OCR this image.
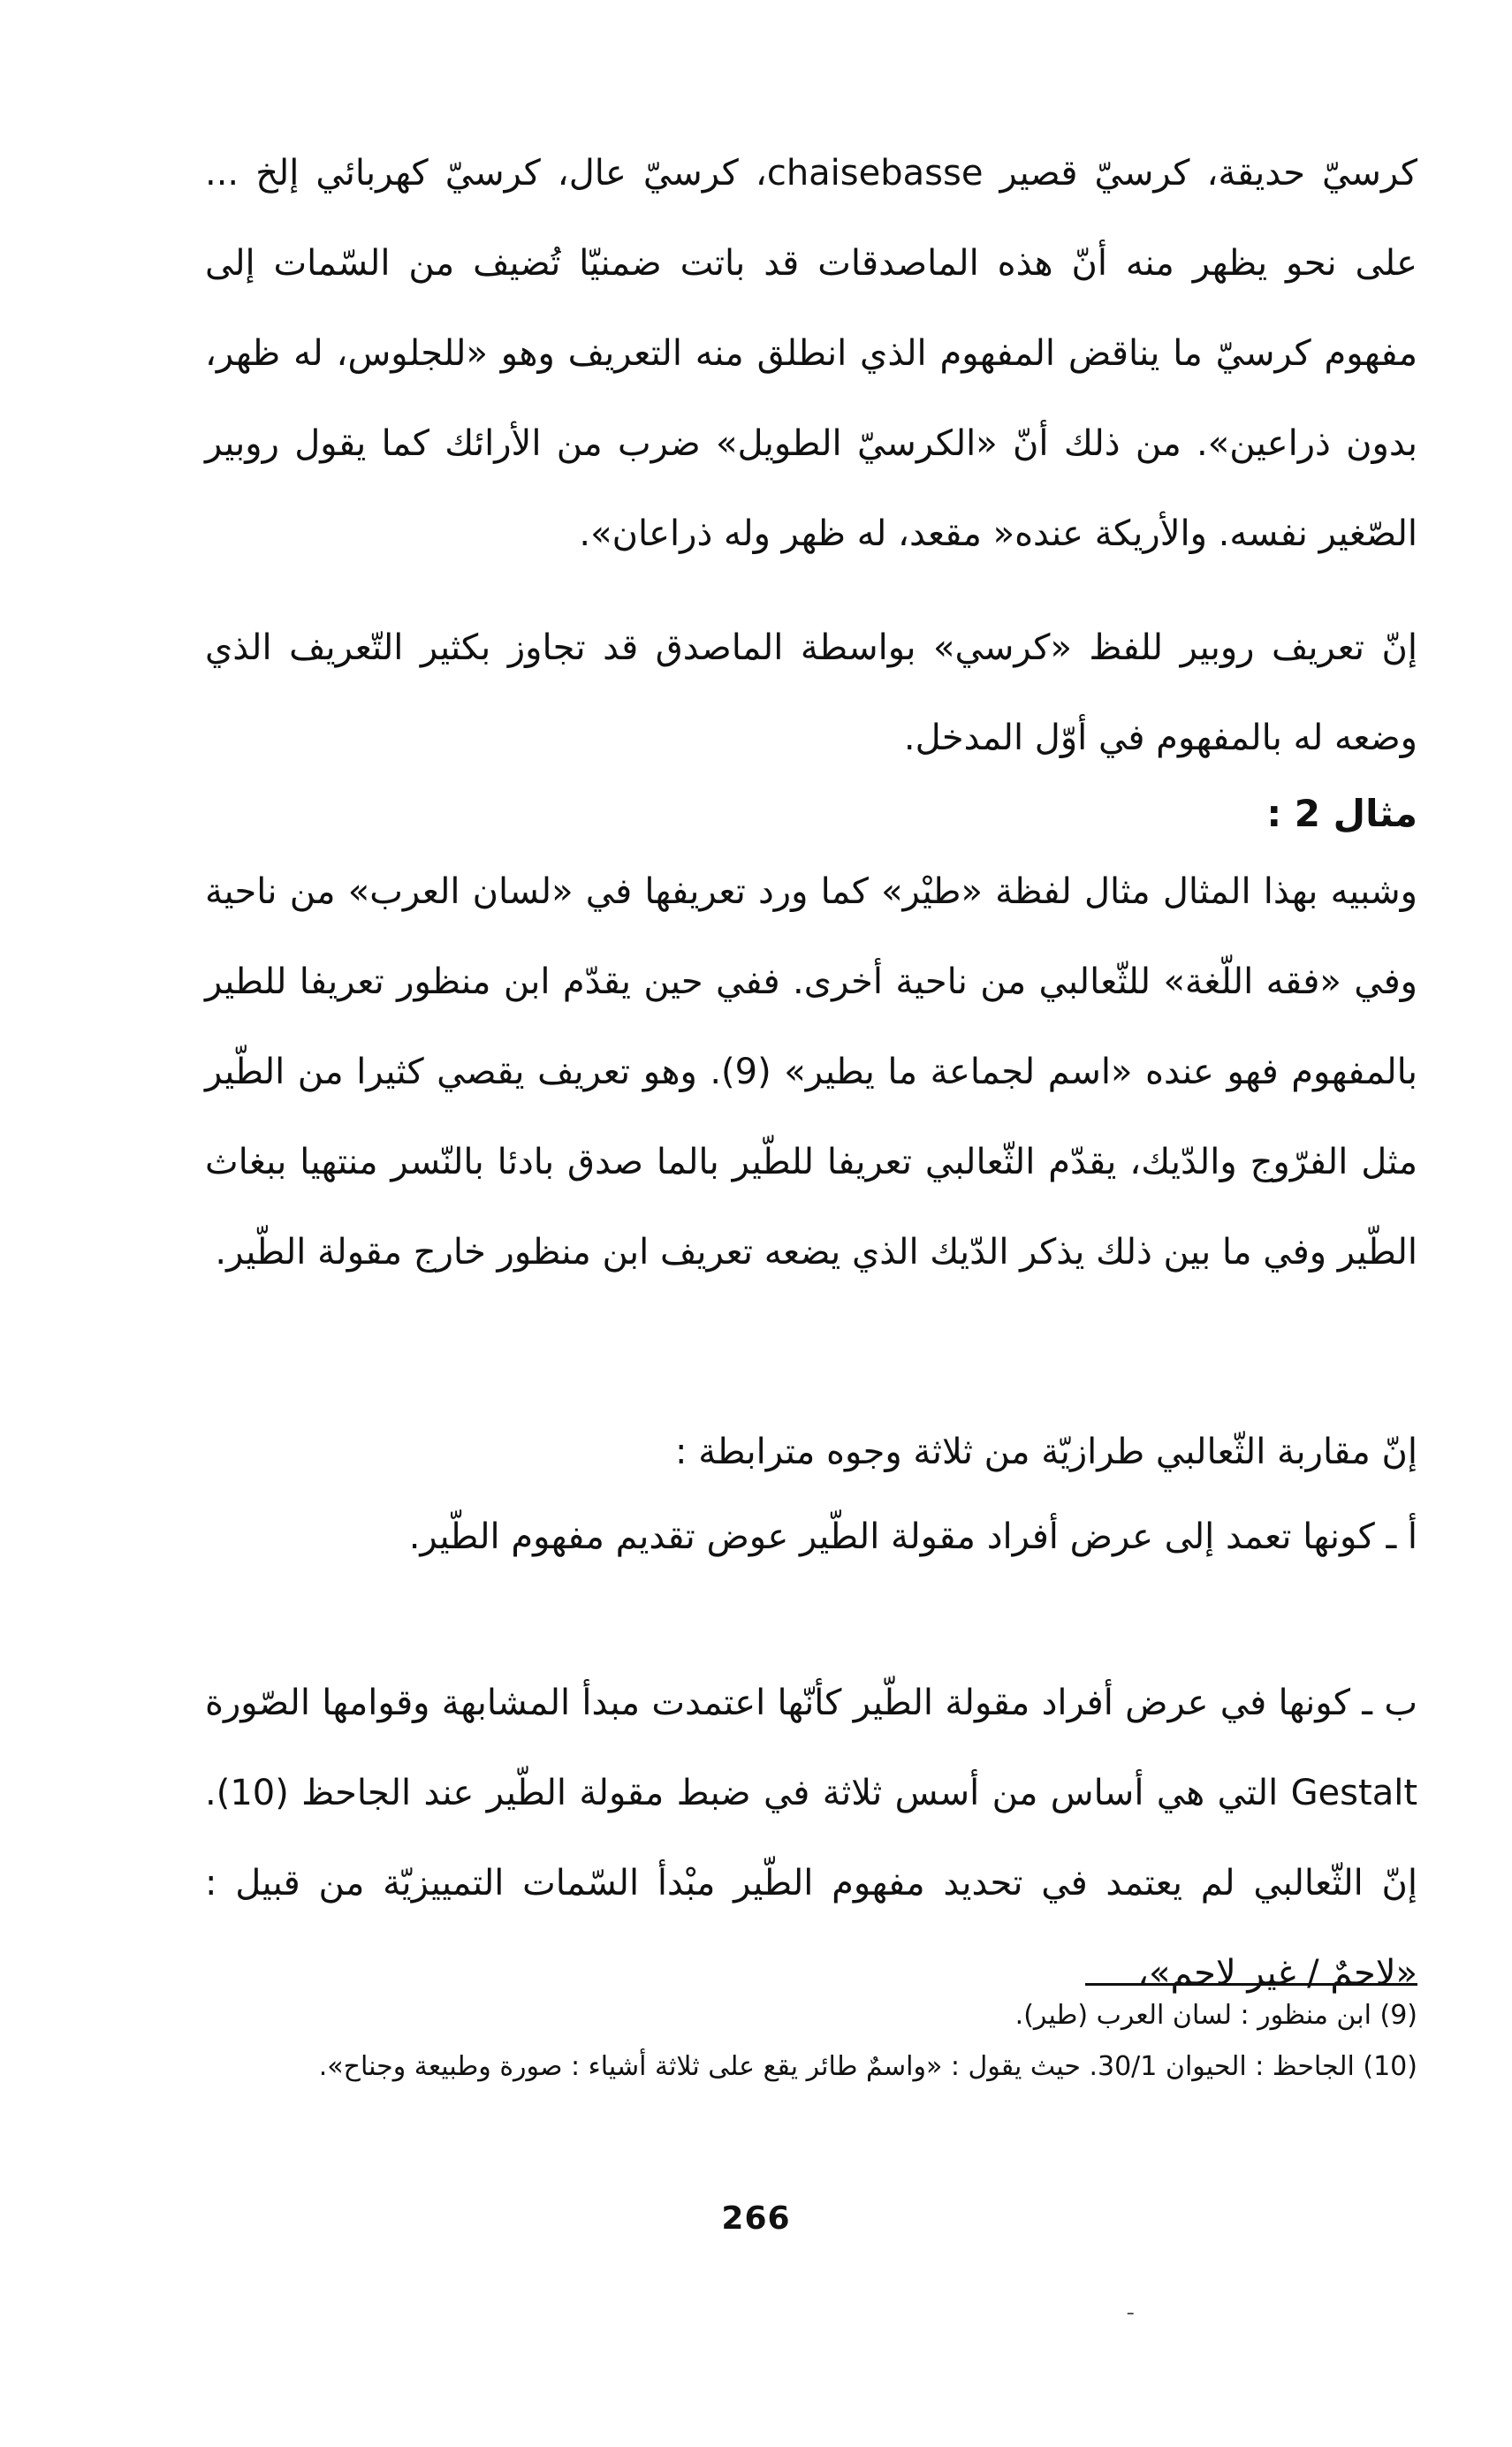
كرسيّ حديقة، كرسيّ قصير chaisebasse، كرسيّ عال، كرسيّ كهربائي إلخ ... على نحو يظهر منه أنّ هذه الماصدقات قد باتت ضمنيّا تُضيف من السّمات إلى مفهوم كرسيّ ما يناقض المفهوم الذي انطلق منه التعريف وهو «للجلوس، له ظهر، بدون ذراعين». من ذلك أنّ «الكرسيّ الطويل» ضرب من الأرائك كما يقول روبير الصّغير نفسه. والأريكة عنده« مقعد، له ظهر وله ذراعان».

إنّ تعريف روبير للفظ «كرسي» بواسطة الماصدق قد تجاوز بكثير التّعريف الذي وضعه له بالمفهوم في أوّل المدخل.

مثال 2 :

وشبيه بهذا المثال مثال لفظة «طيْر» كما ورد تعريفها في «لسان العرب» من ناحية وفي «فقه اللّغة» للثّعالبي من ناحية أخرى. ففي حين يقدّم ابن منظور تعريفا للطير بالمفهوم فهو عنده «اسم لجماعة ما يطير» (9). وهو تعريف يقصي كثيرا من الطّير مثل الفرّوج والدّيك، يقدّم الثّعالبي تعريفا للطّير بالما صدق بادئا بالنّسر منتهيا ببغاث الطّير وفي ما بين ذلك يذكر الدّيك الذي يضعه تعريف ابن منظور خارج مقولة الطّير.

إنّ مقاربة الثّعالبي طرازيّة من ثلاثة وجوه مترابطة :

أ ـ كونها تعمد إلى عرض أفراد مقولة الطّير عوض تقديم مفهوم الطّير.

ب ـ كونها في عرض أفراد مقولة الطّير كأنّها اعتمدت مبدأ المشابهة وقوامها الصّورة Gestalt التي هي أساس من أسس ثلاثة في ضبط مقولة الطّير عند الجاحظ (10). إنّ الثّعالبي لم يعتمد في تحديد مفهوم الطّير مبْدأ السّمات التمييزيّة من قبيل : «لاحمٌ / غير لاحم»،

(9) ابن منظور : لسان العرب (طير).

(10) الجاحظ : الحيوان 30/1. حيث يقول : «واسمٌ طائر يقع على ثلاثة أشياء : صورة وطبيعة وجناح».

266
ـ
